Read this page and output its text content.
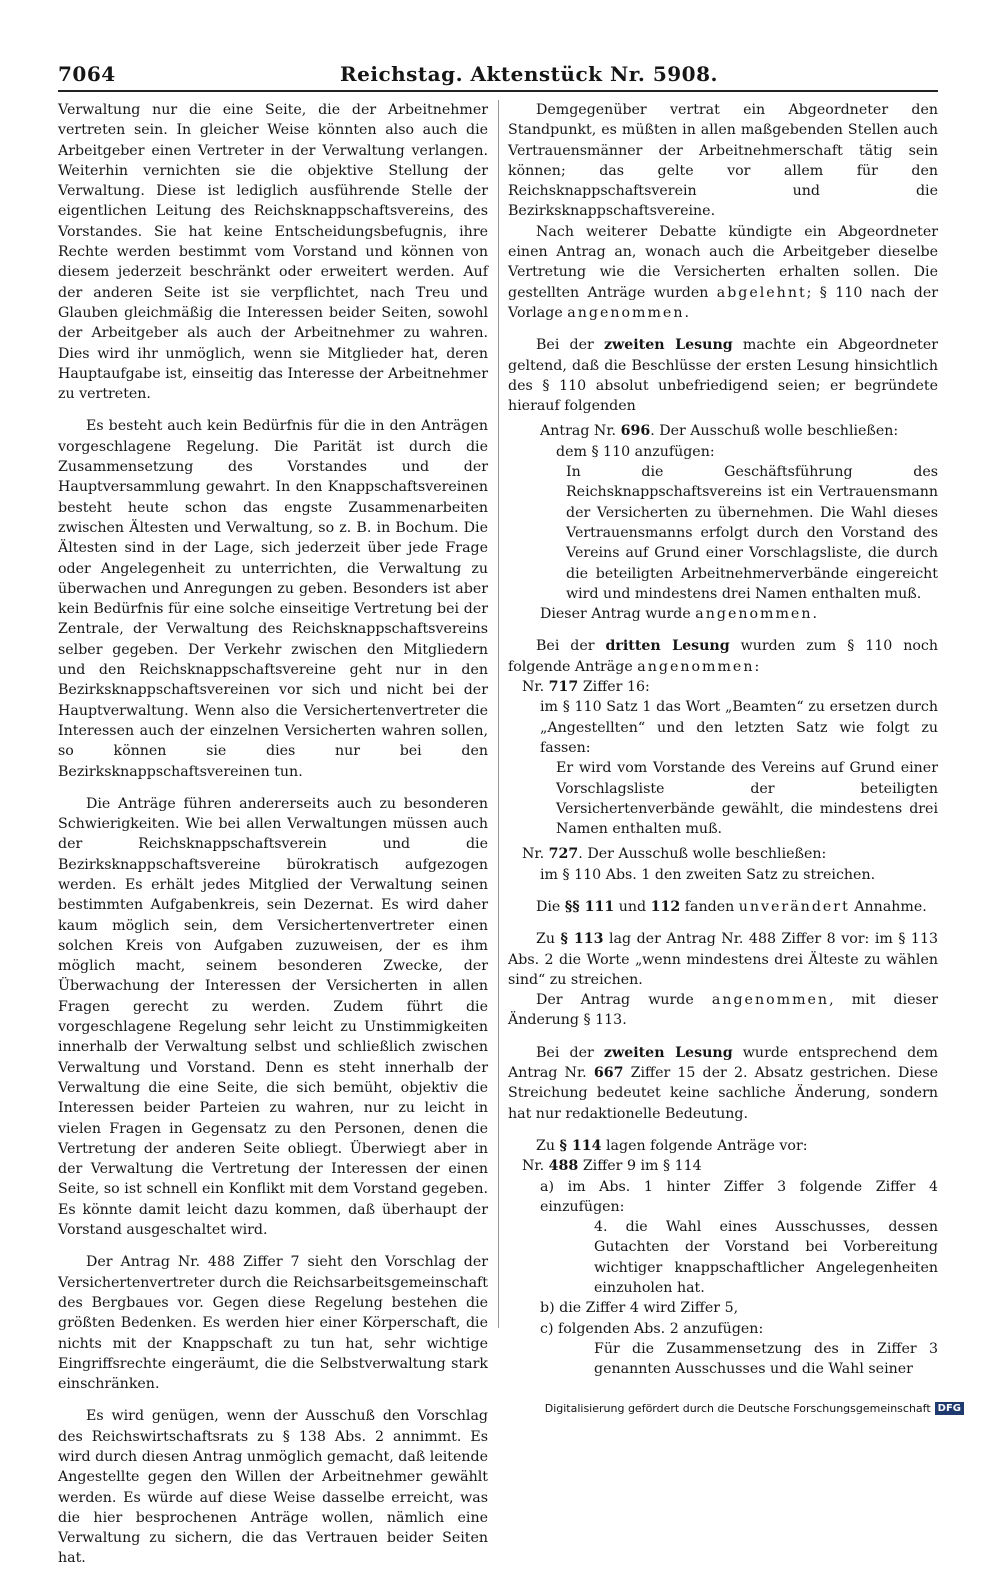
7064	Reichstag. Aktenstück Nr. 5908.

Verwaltung nur die eine Seite, die der Arbeitnehmer vertreten sein. In gleicher Weise könnten also auch die Arbeitgeber einen Vertreter in der Verwaltung verlangen. Weiterhin vernichten sie die objektive Stellung der Verwaltung. Diese ist lediglich ausführende Stelle der eigentlichen Leitung des Reichsknappschaftsvereins, des Vorstandes. Sie hat keine Entscheidungsbefugnis, ihre Rechte werden bestimmt vom Vorstand und können von diesem jederzeit beschränkt oder erweitert werden. Auf der anderen Seite ist sie verpflichtet, nach Treu und Glauben gleichmäßig die Interessen beider Seiten, sowohl der Arbeitgeber als auch der Arbeitnehmer zu wahren. Dies wird ihr unmöglich, wenn sie Mitglieder hat, deren Hauptaufgabe ist, einseitig das Interesse der Arbeitnehmer zu vertreten.

Es besteht auch kein Bedürfnis für die in den Anträgen vorgeschlagene Regelung. Die Parität ist durch die Zusammensetzung des Vorstandes und der Hauptversammlung gewahrt. In den Knappschaftsvereinen besteht heute schon das engste Zusammenarbeiten zwischen Ältesten und Verwaltung, so z. B. in Bochum. Die Ältesten sind in der Lage, sich jederzeit über jede Frage oder Angelegenheit zu unterrichten, die Verwaltung zu überwachen und Anregungen zu geben. Besonders ist aber kein Bedürfnis für eine solche einseitige Vertretung bei der Zentrale, der Verwaltung des Reichsknappschaftsvereins selber gegeben. Der Verkehr zwischen den Mitgliedern und den Reichsknappschaftsvereine geht nur in den Bezirksknappschaftsvereinen vor sich und nicht bei der Hauptverwaltung. Wenn also die Versichertenvertreter die Interessen auch der einzelnen Versicherten wahren sollen, so können sie dies nur bei den Bezirksknappschaftsvereinen tun.

Die Anträge führen andererseits auch zu besonderen Schwierigkeiten. Wie bei allen Verwaltungen müssen auch der Reichsknappschaftsverein und die Bezirksknappschaftsvereine bürokratisch aufgezogen werden. Es erhält jedes Mitglied der Verwaltung seinen bestimmten Aufgabenkreis, sein Dezernat. Es wird daher kaum möglich sein, dem Versichertenvertreter einen solchen Kreis von Aufgaben zuzuweisen, der es ihm möglich macht, seinem besonderen Zwecke, der Überwachung der Interessen der Versicherten in allen Fragen gerecht zu werden. Zudem führt die vorgeschlagene Regelung sehr leicht zu Unstimmigkeiten innerhalb der Verwaltung selbst und schließlich zwischen Verwaltung und Vorstand. Denn es steht innerhalb der Verwaltung die eine Seite, die sich bemüht, objektiv die Interessen beider Parteien zu wahren, nur zu leicht in vielen Fragen in Gegensatz zu den Personen, denen die Vertretung der anderen Seite obliegt. Überwiegt aber in der Verwaltung die Vertretung der Interessen der einen Seite, so ist schnell ein Konflikt mit dem Vorstand gegeben. Es könnte damit leicht dazu kommen, daß überhaupt der Vorstand ausgeschaltet wird.

Der Antrag Nr. 488 Ziffer 7 sieht den Vorschlag der Versichertenvertreter durch die Reichsarbeitsgemeinschaft des Bergbaues vor. Gegen diese Regelung bestehen die größten Bedenken. Es werden hier einer Körperschaft, die nichts mit der Knappschaft zu tun hat, sehr wichtige Eingriffsrechte eingeräumt, die die Selbstverwaltung stark einschränken.

Es wird genügen, wenn der Ausschuß den Vorschlag des Reichswirtschaftsrats zu § 138 Abs. 2 annimmt. Es wird durch diesen Antrag unmöglich gemacht, daß leitende Angestellte gegen den Willen der Arbeitnehmer gewählt werden. Es würde auf diese Weise dasselbe erreicht, was die hier besprochenen Anträge wollen, nämlich eine Verwaltung zu sichern, die das Vertrauen beider Seiten hat.

Demgegenüber vertrat ein Abgeordneter den Standpunkt, es müßten in allen maßgebenden Stellen auch Vertrauensmänner der Arbeitnehmerschaft tätig sein können; das gelte vor allem für den Reichsknappschaftsverein und die Bezirksknappschaftsvereine.

Nach weiterer Debatte kündigte ein Abgeordneter einen Antrag an, wonach auch die Arbeitgeber dieselbe Vertretung wie die Versicherten erhalten sollen. Die gestellten Anträge wurden abgelehnt; § 110 nach der Vorlage angenommen.

Bei der zweiten Lesung machte ein Abgeordneter geltend, daß die Beschlüsse der ersten Lesung hinsichtlich des § 110 absolut unbefriedigend seien; er begründete hierauf folgenden

Antrag Nr. 696. Der Ausschuß wolle beschließen:

dem § 110 anzufügen:

In die Geschäftsführung des Reichsknappschaftsvereins ist ein Vertrauensmann der Versicherten zu übernehmen. Die Wahl dieses Vertrauensmanns erfolgt durch den Vorstand des Vereins auf Grund einer Vorschlagsliste, die durch die beteiligten Arbeitnehmerverbände eingereicht wird und mindestens drei Namen enthalten muß.

Dieser Antrag wurde angenommen.

Bei der dritten Lesung wurden zum § 110 noch folgende Anträge angenommen:

Nr. 717 Ziffer 16:

im § 110 Satz 1 das Wort „Beamten“ zu ersetzen durch „Angestellten“ und den letzten Satz wie folgt zu fassen:

Er wird vom Vorstande des Vereins auf Grund einer Vorschlagsliste der beteiligten Versichertenverbände gewählt, die mindestens drei Namen enthalten muß.

Nr. 727. Der Ausschuß wolle beschließen:

im § 110 Abs. 1 den zweiten Satz zu streichen.

Die §§ 111 und 112 fanden unverändert Annahme.

Zu § 113 lag der Antrag Nr. 488 Ziffer 8 vor: im § 113 Abs. 2 die Worte „wenn mindestens drei Älteste zu wählen sind“ zu streichen.

Der Antrag wurde angenommen, mit dieser Änderung § 113.

Bei der zweiten Lesung wurde entsprechend dem Antrag Nr. 667 Ziffer 15 der 2. Absatz gestrichen. Diese Streichung bedeutet keine sachliche Änderung, sondern hat nur redaktionelle Bedeutung.

Zu § 114 lagen folgende Anträge vor:

Nr. 488 Ziffer 9 im § 114

a) im Abs. 1 hinter Ziffer 3 folgende Ziffer 4 einzufügen:

4. die Wahl eines Ausschusses, dessen Gutachten der Vorstand bei Vorbereitung wichtiger knappschaftlicher Angelegenheiten einzuholen hat.

b) die Ziffer 4 wird Ziffer 5,

c) folgenden Abs. 2 anzufügen:

Für die Zusammensetzung des in Ziffer 3 genannten Ausschusses und die Wahl seiner

Digitalisierung gefördert durch die Deutsche Forschungsgemeinschaft DFG
